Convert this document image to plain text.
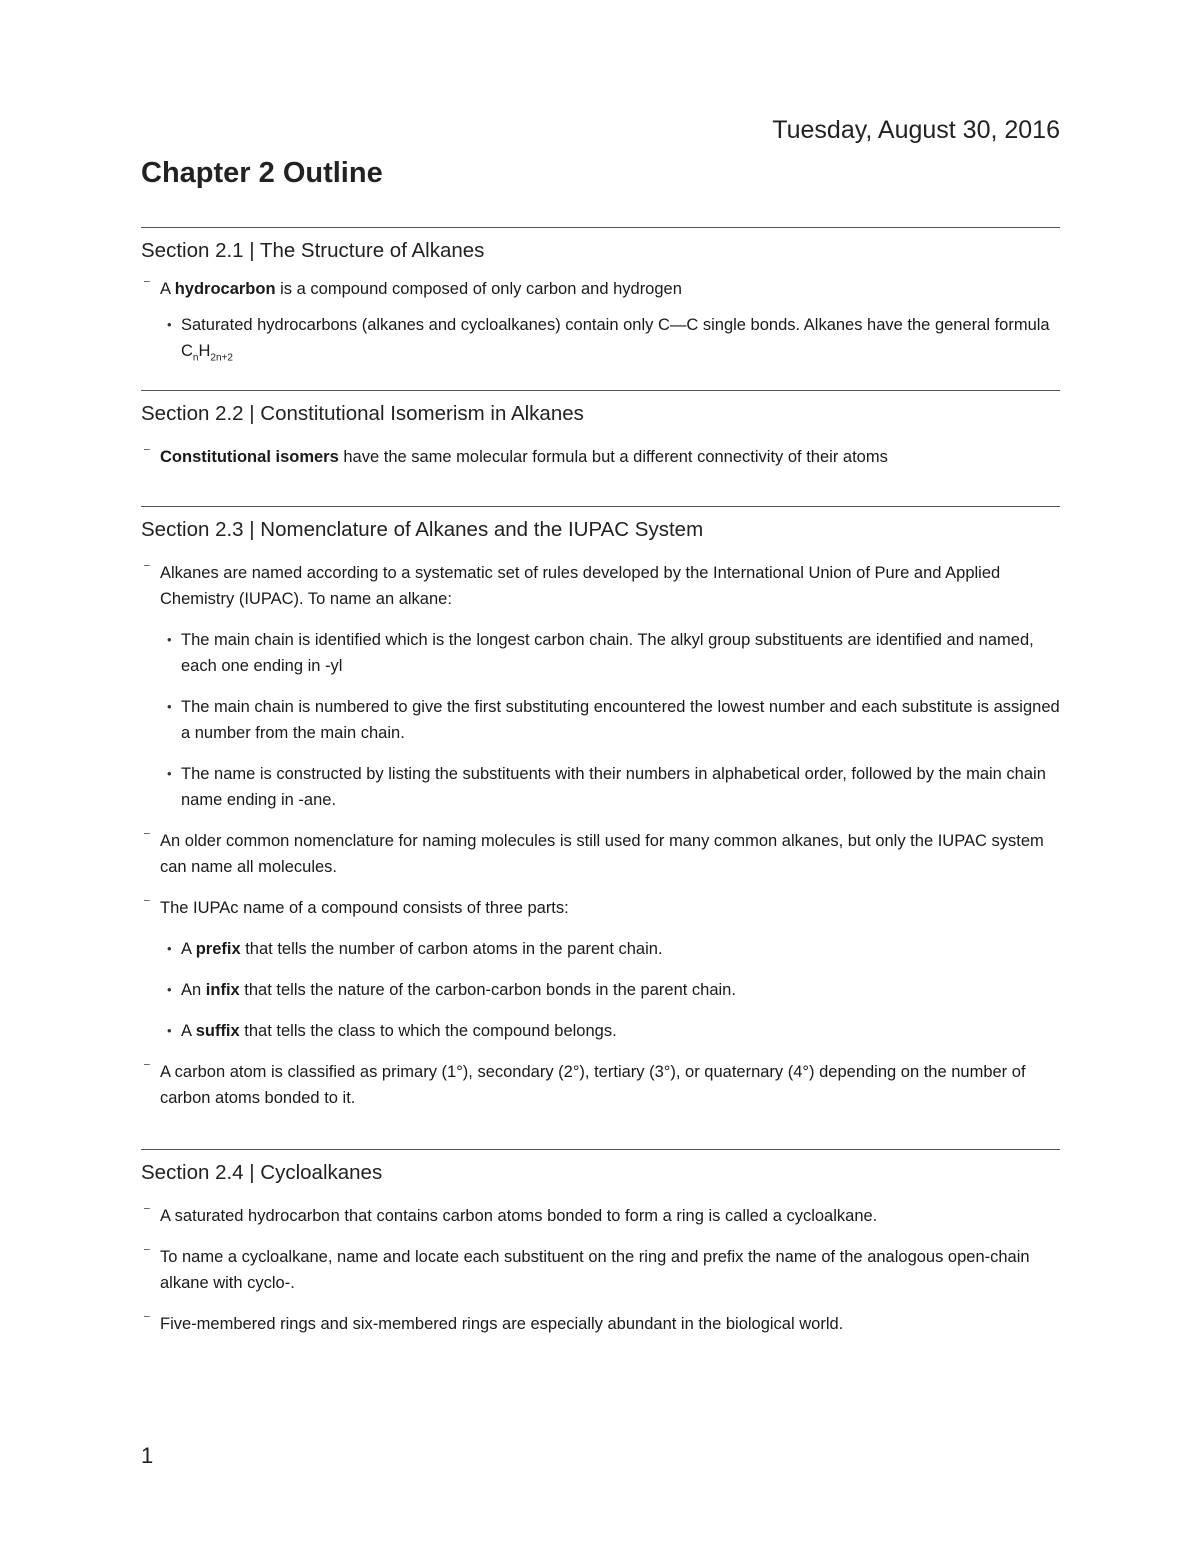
Tuesday, August 30, 2016
Chapter 2 Outline
Section 2.1 | The Structure of Alkanes
⁻ A hydrocarbon is a compound composed of only carbon and hydrogen
• Saturated hydrocarbons (alkanes and cycloalkanes) contain only C—C single bonds. Alkanes have the general formula $C_nH_{2n+2}$
Section 2.2 | Constitutional Isomerism in Alkanes
⁻ Constitutional isomers have the same molecular formula but a different connectivity of their atoms
Section 2.3 | Nomenclature of Alkanes and the IUPAC System
⁻ Alkanes are named according to a systematic set of rules developed by the International Union of Pure and Applied Chemistry (IUPAC). To name an alkane:
• The main chain is identified which is the longest carbon chain. The alkyl group substituents are identified and named, each one ending in -yl
• The main chain is numbered to give the first substituting encountered the lowest number and each substitute is assigned a number from the main chain.
• The name is constructed by listing the substituents with their numbers in alphabetical order, followed by the main chain name ending in -ane.
⁻ An older common nomenclature for naming molecules is still used for many common alkanes, but only the IUPAC system can name all molecules.
⁻ The IUPAc name of a compound consists of three parts:
• A prefix that tells the number of carbon atoms in the parent chain.
• An infix that tells the nature of the carbon-carbon bonds in the parent chain.
• A suffix that tells the class to which the compound belongs.
⁻ A carbon atom is classified as primary (1°), secondary (2°), tertiary (3°), or quaternary (4°) depending on the number of carbon atoms bonded to it.
Section 2.4 | Cycloalkanes
⁻ A saturated hydrocarbon that contains carbon atoms bonded to form a ring is called a cycloalkane.
⁻ To name a cycloalkane, name and locate each substituent on the ring and prefix the name of the analogous open-chain alkane with cyclo-.
⁻ Five-membered rings and six-membered rings are especially abundant in the biological world.
1
